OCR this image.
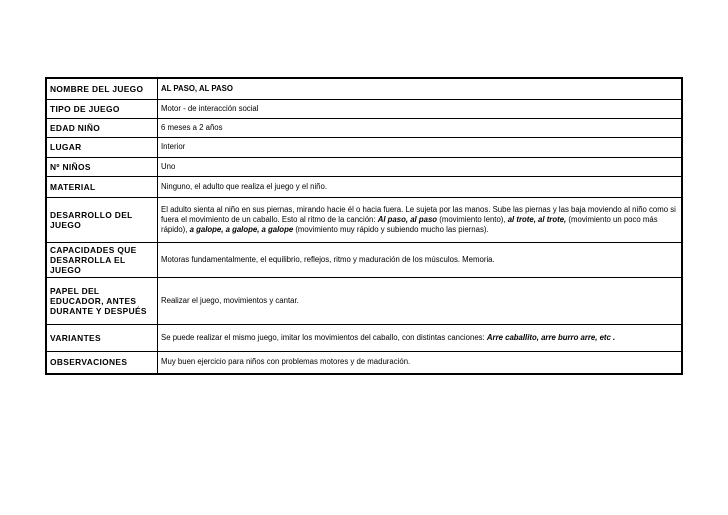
NOMBRE DEL JUEGO	AL PASO, AL PASO
TIPO DE JUEGO	Motor - de interacción social
EDAD NIÑO	6 meses a 2 años
LUGAR	Interior
Nº NIÑOS	Uno
MATERIAL	Ninguno, el adulto que realiza el juego y el niño.
DESARROLLO DEL JUEGO	El adulto sienta al niño en sus piernas, mirando hacie él o hacia fuera. Le sujeta por las manos. Sube las piernas y las baja moviendo al niño como si fuera el movimiento de un caballo. Esto al ritmo de la canción: Al paso, al paso (movimiento lento), al trote, al trote, (movimiento un poco más rápido), a galope, a galope, a galope (movimiento muy rápido y subiendo mucho las piernas).
CAPACIDADES QUE DESARROLLA EL JUEGO	Motoras fundamentalmente, el equilibrio, reflejos, ritmo y maduración de los músculos. Memoria.
PAPEL DEL EDUCADOR, ANTES DURANTE Y DESPUÉS	Realizar el juego, movimientos y cantar.
VARIANTES	Se puede realizar el mismo juego, imitar los movimientos del caballo, con distintas canciones: Arre caballito, arre burro arre, etc .
OBSERVACIONES	Muy buen ejercicio para niños con problemas motores y de maduración.
